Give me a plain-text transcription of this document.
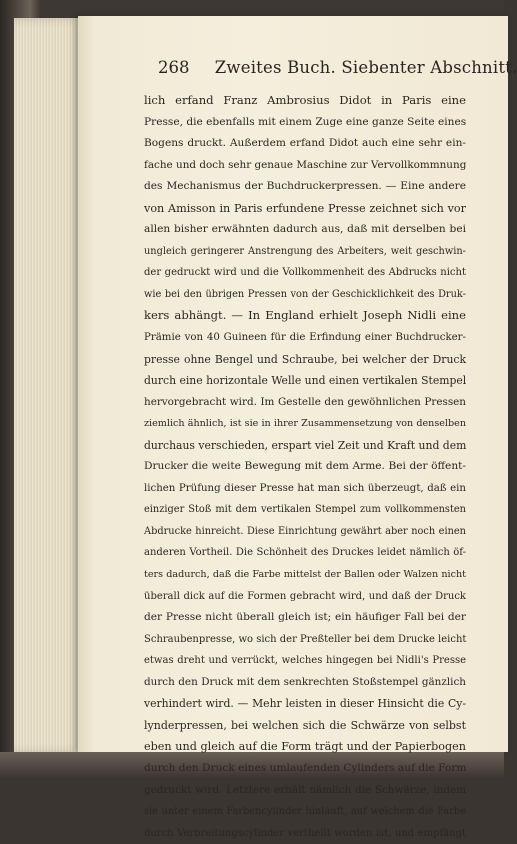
268 Zweites Buch. Siebenter Abschnitt.
lich erfand Franz Ambrosius Didot in Paris eine
Presse, die ebenfalls mit einem Zuge eine ganze Seite eines
Bogens druckt. Außerdem erfand Didot auch eine sehr ein-
fache und doch sehr genaue Maschine zur Vervollkommnung
des Mechanismus der Buchdruckerpressen. — Eine andere
von Amisson in Paris erfundene Presse zeichnet sich vor
allen bisher erwähnten dadurch aus, daß mit derselben bei
ungleich geringerer Anstrengung des Arbeiters, weit geschwin-
der gedruckt wird und die Vollkommenheit des Abdrucks nicht
wie bei den übrigen Pressen von der Geschicklichkeit des Druk-
kers abhängt. — In England erhielt Joseph Nidli eine
Prämie von 40 Guineen für die Erfindung einer Buchdrucker-
presse ohne Bengel und Schraube, bei welcher der Druck
durch eine horizontale Welle und einen vertikalen Stempel
hervorgebracht wird. Im Gestelle den gewöhnlichen Pressen
ziemlich ähnlich, ist sie in ihrer Zusammensetzung von denselben
durchaus verschieden, erspart viel Zeit und Kraft und dem
Drucker die weite Bewegung mit dem Arme. Bei der öffent-
lichen Prüfung dieser Presse hat man sich überzeugt, daß ein
einziger Stoß mit dem vertikalen Stempel zum vollkommensten
Abdrucke hinreicht. Diese Einrichtung gewährt aber noch einen
anderen Vortheil. Die Schönheit des Druckes leidet nämlich öf-
ters dadurch, daß die Farbe mittelst der Ballen oder Walzen nicht
überall dick auf die Formen gebracht wird, und daß der Druck
der Presse nicht überall gleich ist; ein häufiger Fall bei der
Schraubenpresse, wo sich der Preßteller bei dem Drucke leicht
etwas dreht und verrückt, welches hingegen bei Nidli's Presse
durch den Druck mit dem senkrechten Stoßstempel gänzlich
verhindert wird. — Mehr leisten in dieser Hinsicht die Cy-
lynderpressen, bei welchen sich die Schwärze von selbst
eben und gleich auf die Form trägt und der Papierbogen
durch den Druck eines umlaufenden Cylinders auf die Form
gedruckt wird. Letztere erhält nämlich die Schwärze, indem
sie unter einem Farbencylinder hinläuft, auf welchem die Farbe
durch Verbreitungscylinder vertheilt worden ist, und empfängt
